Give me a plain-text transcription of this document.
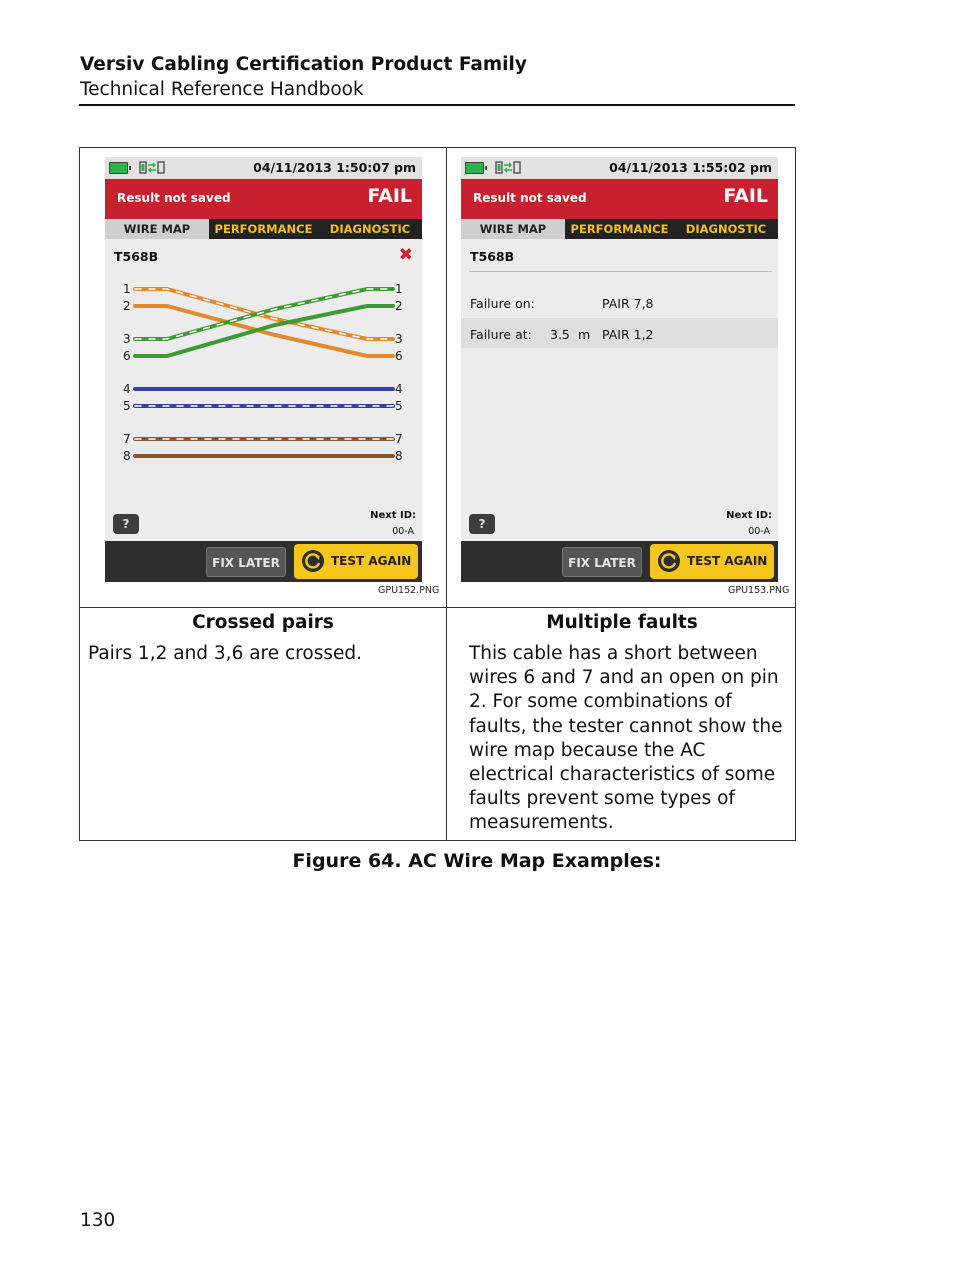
Versiv Cabling Certification Product Family
Technical Reference Handbook
04/11/2013 1:50:07 pm
Result not saved	FAIL
WIRE MAP	PERFORMANCE	DIAGNOSTIC
T568B	✖
1
2
3
6
4
5
7
8
1
2
3
6
4
5
7
8
?
Next ID:
00-A
FIX LATER	TEST AGAIN
GPU152.PNG
04/11/2013 1:55:02 pm
Result not saved	FAIL
WIRE MAP	PERFORMANCE	DIAGNOSTIC
T568B
Failure on:	PAIR 7,8
Failure at: 3.5 m PAIR 1,2
?
Next ID:
00-A
FIX LATER	TEST AGAIN
GPU153.PNG
Crossed pairs
Pairs 1,2 and 3,6 are crossed.
Multiple faults
This cable has a short between wires 6 and 7 and an open on pin 2. For some combinations of faults, the tester cannot show the wire map because the AC electrical characteristics of some faults prevent some types of measurements.
Figure 64. AC Wire Map Examples:
130
